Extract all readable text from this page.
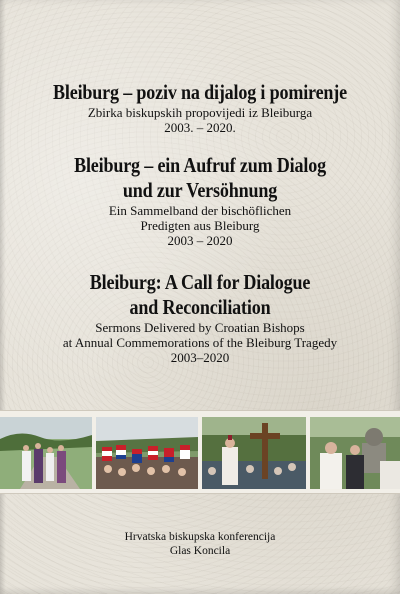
Bleiburg – poziv na dijalog i pomirenje
Zbirka biskupskih propovijedi iz Bleiburga
2003. – 2020.
Bleiburg – ein Aufruf zum Dialog
und zur Versöhnung
Ein Sammelband der bischöflichen
Predigten aus Bleiburg
2003 – 2020
Bleiburg: A Call for Dialogue
and Reconciliation
Sermons Delivered by Croatian Bishops
at Annual Commemorations of the Bleiburg Tragedy
2003–2020
Hrvatska biskupska konferencija
Glas Koncila
